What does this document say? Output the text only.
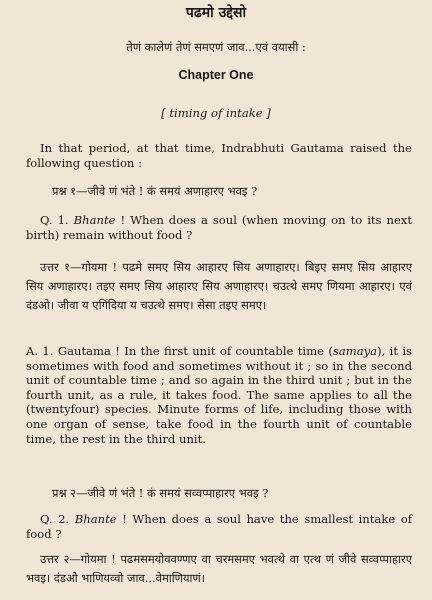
पढमो उद्देसो
तेणं कालेणं तेणं समएणं जाव...एवं वयासी :
Chapter One
[ timing of intake ]
In that period, at that time, Indrabhuti Gautama raised the following question :
प्रश्न १—जीवे णं भंते ! कं समयं अणाहारए भवइ ?
Q. 1. Bhante ! When does a soul (when moving on to its next birth) remain without food ?
उत्तर १—गोयमा ! पढमे समए सिय आहारए सिय अणाहारए। बिइए समए सिय आहारए सिय अणाहारए। तइए समए सिय आहारए सिय अणाहारए। चउत्थे समए णियमा आहारए। एवं दंडओ। जीवा य एगिंदिया य चउत्थे समए। सेसा तइए समए।
A. 1. Gautama ! In the first unit of countable time (samaya), it is sometimes with food and sometimes without it ; so in the second unit of countable time ; and so again in the third unit ; but in the fourth unit, as a rule, it takes food. The same applies to all the (twentyfour) species. Minute forms of life, including those with one organ of sense, take food in the fourth unit of countable time, the rest in the third unit.
प्रश्न २—जीवे णं भंते ! कं समयं सव्वप्पाहारए भवइ ?
Q. 2. Bhante ! When does a soul have the smallest intake of food ?
उत्तर २—गोयमा ! पढमसमयोववण्णए वा चरमसमए भवत्थे वा एत्थ णं जीवे सव्वप्पाहारए भवइ। दंडओ भाणियव्वो जाव...वेमाणियाणं।
